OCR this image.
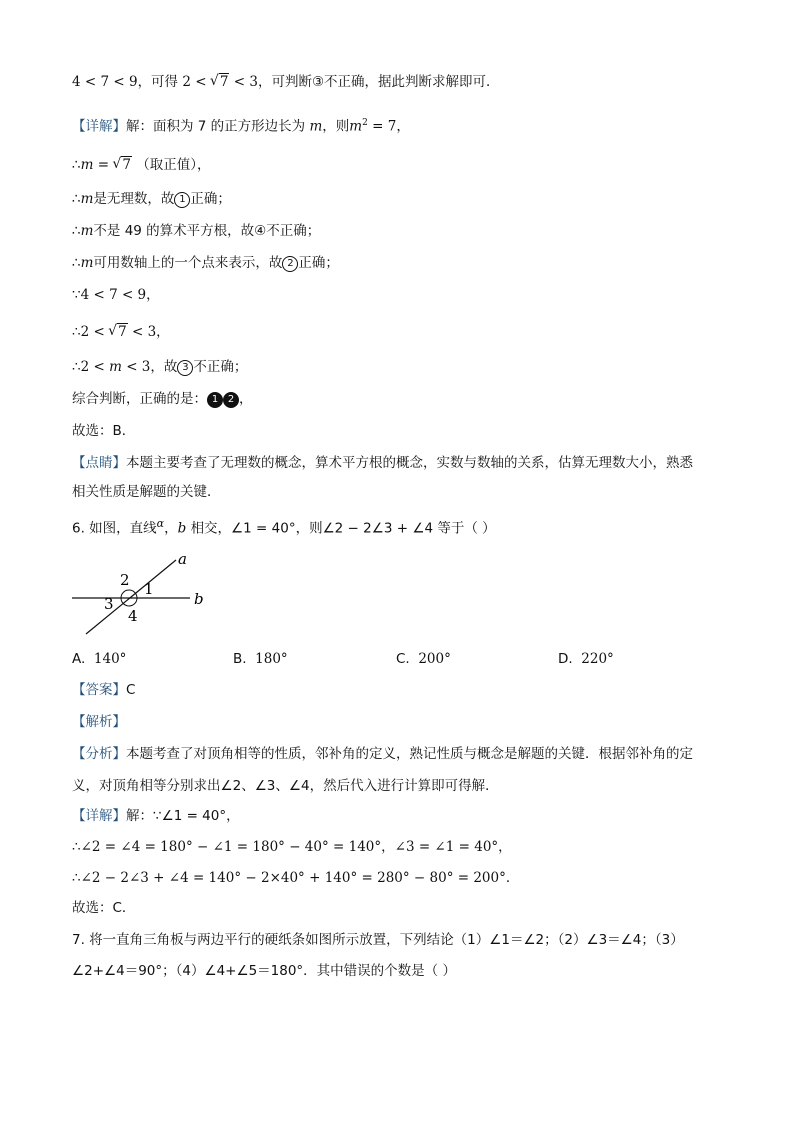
4 < 7 < 9，可得 2 < √ 7 < 3，可判断③不正确，据此判断求解即可．
【详解】解：面积为 7 的正方形边长为 m，则$m^2 = 7$，
∴m = √ 7 （取正值），
∴m是无理数，故 1 正确；
∴m不是 49 的算术平方根，故④不正确；
∴m可用数轴上的一个点来表示，故 2 正确；
∵4 < 7 < 9，
∴2 < √ 7 < 3，
∴2 < m < 3，故 3 不正确；
综合判断，正确的是： 1 2 ，
故选：B．
【点睛】本题主要考查了无理数的概念，算术平方根的概念，实数与数轴的关系，估算无理数大小，熟悉
相关性质是解题的关键．
6. 如图，直线$^\alpha$，b 相交，∠1 = 40°，则∠2 − 2∠3 + ∠4 等于（ ）
a
b
2 1
3
4
A. 140°	B. 180°	C. 200°	D. 220°
【答案】C
【解析】
【分析】本题考查了对顶角相等的性质，邻补角的定义，熟记性质与概念是解题的关键．根据邻补角的定
义，对顶角相等分别求出∠2、∠3、∠4，然后代入进行计算即可得解．
【详解】解：∵∠1 = 40°，
∴∠2 = ∠4 = 180° − ∠1 = 180° − 40° = 140°，∠3 = ∠1 = 40°，
∴∠2 − 2∠3 + ∠4 = 140° − 2×40° + 140° = 280° − 80° = 200°．
故选：C．
7. 将一直角三角板与两边平行的硬纸条如图所示放置，下列结论（1）∠1＝∠2；（2）∠3＝∠4；（3）
∠2+∠4＝90°；（4）∠4+∠5＝180°．其中错误的个数是（ ）
